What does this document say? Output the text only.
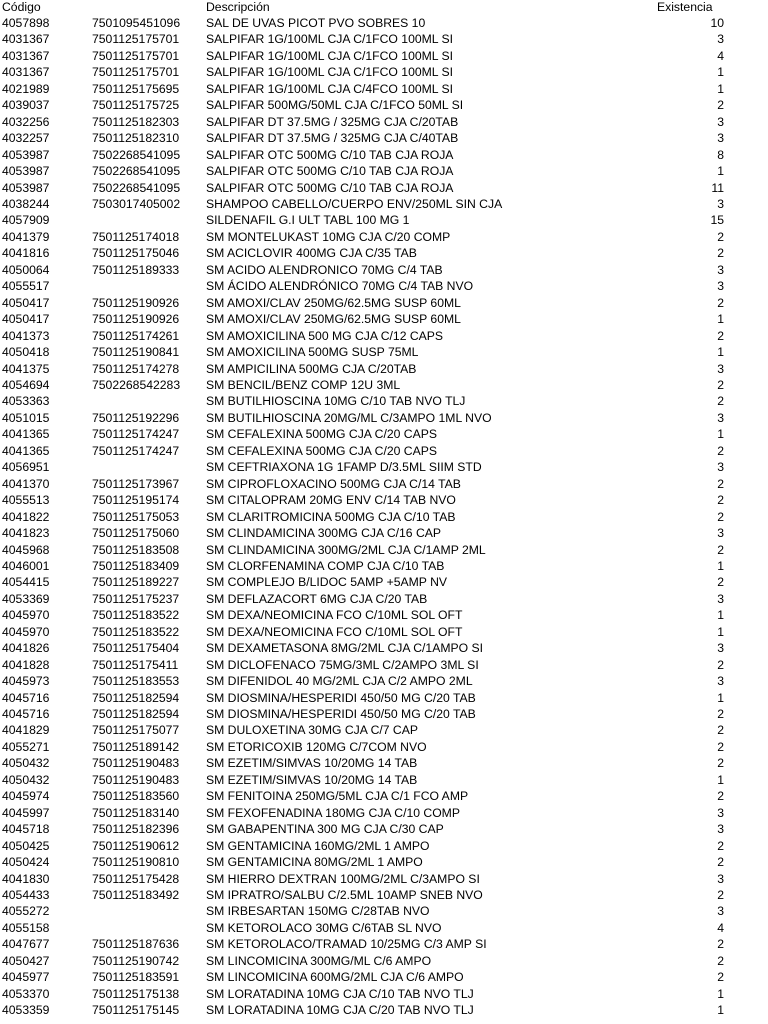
Código		Descripción	Existencia
4057898	7501095451096	SAL DE UVAS PICOT PVO SOBRES 10	10
4031367	7501125175701	SALPIFAR 1G/100ML CJA C/1FCO 100ML SI	3
4031367	7501125175701	SALPIFAR 1G/100ML CJA C/1FCO 100ML SI	4
4031367	7501125175701	SALPIFAR 1G/100ML CJA C/1FCO 100ML SI	1
4021989	7501125175695	SALPIFAR 1G/100ML CJA C/4FCO 100ML SI	1
4039037	7501125175725	SALPIFAR 500MG/50ML CJA C/1FCO 50ML SI	2
4032256	7501125182303	SALPIFAR DT 37.5MG / 325MG CJA C/20TAB	3
4032257	7501125182310	SALPIFAR DT 37.5MG / 325MG CJA C/40TAB	3
4053987	7502268541095	SALPIFAR OTC 500MG C/10 TAB CJA ROJA	8
4053987	7502268541095	SALPIFAR OTC 500MG C/10 TAB CJA ROJA	1
4053987	7502268541095	SALPIFAR OTC 500MG C/10 TAB CJA ROJA	11
4038244	7503017405002	SHAMPOO CABELLO/CUERPO ENV/250ML SIN CJA	3
4057909		SILDENAFIL G.I ULT TABL 100 MG 1	15
4041379	7501125174018	SM MONTELUKAST 10MG CJA C/20 COMP	2
4041816	7501125175046	SM ACICLOVIR 400MG CJA C/35 TAB	2
4050064	7501125189333	SM ACIDO ALENDRONICO 70MG C/4 TAB	3
4055517		SM ÁCIDO ALENDRÓNICO 70MG C/4 TAB NVO	3
4050417	7501125190926	SM AMOXI/CLAV 250MG/62.5MG SUSP 60ML	2
4050417	7501125190926	SM AMOXI/CLAV 250MG/62.5MG SUSP 60ML	1
4041373	7501125174261	SM AMOXICILINA 500 MG CJA C/12 CAPS	2
4050418	7501125190841	SM AMOXICILINA 500MG SUSP 75ML	1
4041375	7501125174278	SM AMPICILINA 500MG CJA C/20TAB	3
4054694	7502268542283	SM BENCIL/BENZ COMP 12U 3ML	2
4053363		SM BUTILHIOSCINA 10MG C/10 TAB NVO TLJ	2
4051015	7501125192296	SM BUTILHIOSCINA 20MG/ML C/3AMPO 1ML NVO	3
4041365	7501125174247	SM CEFALEXINA 500MG CJA C/20 CAPS	1
4041365	7501125174247	SM CEFALEXINA 500MG CJA C/20 CAPS	2
4056951		SM CEFTRIAXONA 1G 1FAMP D/3.5ML SIIM STD	3
4041370	7501125173967	SM CIPROFLOXACINO 500MG CJA C/14 TAB	2
4055513	7501125195174	SM CITALOPRAM 20MG ENV C/14 TAB NVO	2
4041822	7501125175053	SM CLARITROMICINA 500MG CJA C/10 TAB	2
4041823	7501125175060	SM CLINDAMICINA 300MG CJA C/16 CAP	3
4045968	7501125183508	SM CLINDAMICINA 300MG/2ML CJA C/1AMP 2ML	2
4046001	7501125183409	SM CLORFENAMINA COMP CJA C/10 TAB	1
4054415	7501125189227	SM COMPLEJO B/LIDOC 5AMP +5AMP NV	2
4053369	7501125175237	SM DEFLAZACORT 6MG CJA C/20 TAB	3
4045970	7501125183522	SM DEXA/NEOMICINA FCO C/10ML SOL OFT	1
4045970	7501125183522	SM DEXA/NEOMICINA FCO C/10ML SOL OFT	1
4041826	7501125175404	SM DEXAMETASONA 8MG/2ML CJA C/1AMPO SI	3
4041828	7501125175411	SM DICLOFENACO 75MG/3ML C/2AMPO 3ML SI	2
4045973	7501125183553	SM DIFENIDOL 40 MG/2ML CJA C/2 AMPO 2ML	3
4045716	7501125182594	SM DIOSMINA/HESPERIDI 450/50 MG C/20 TAB	1
4045716	7501125182594	SM DIOSMINA/HESPERIDI 450/50 MG C/20 TAB	2
4041829	7501125175077	SM DULOXETINA 30MG CJA C/7 CAP	2
4055271	7501125189142	SM ETORICOXIB 120MG C/7COM NVO	2
4050432	7501125190483	SM EZETIM/SIMVAS 10/20MG 14 TAB	2
4050432	7501125190483	SM EZETIM/SIMVAS 10/20MG 14 TAB	1
4045974	7501125183560	SM FENITOINA 250MG/5ML CJA C/1 FCO AMP	2
4045997	7501125183140	SM FEXOFENADINA 180MG CJA C/10 COMP	3
4045718	7501125182396	SM GABAPENTINA 300 MG CJA C/30 CAP	3
4050425	7501125190612	SM GENTAMICINA 160MG/2ML 1 AMPO	2
4050424	7501125190810	SM GENTAMICINA 80MG/2ML 1 AMPO	2
4041830	7501125175428	SM HIERRO DEXTRAN 100MG/2ML C/3AMPO SI	3
4054433	7501125183492	SM IPRATRO/SALBU C/2.5ML 10AMP SNEB NVO	2
4055272		SM IRBESARTAN 150MG C/28TAB NVO	3
4055158		SM KETOROLACO 30MG C/6TAB SL NVO	4
4047677	7501125187636	SM KETOROLACO/TRAMAD 10/25MG C/3 AMP SI	2
4050427	7501125190742	SM LINCOMICINA 300MG/ML C/6 AMPO	2
4045977	7501125183591	SM LINCOMICINA 600MG/2ML CJA C/6 AMPO	2
4053370	7501125175138	SM LORATADINA 10MG CJA C/10 TAB NVO TLJ	1
4053359	7501125175145	SM LORATADINA 10MG CJA C/20 TAB NVO TLJ	1
